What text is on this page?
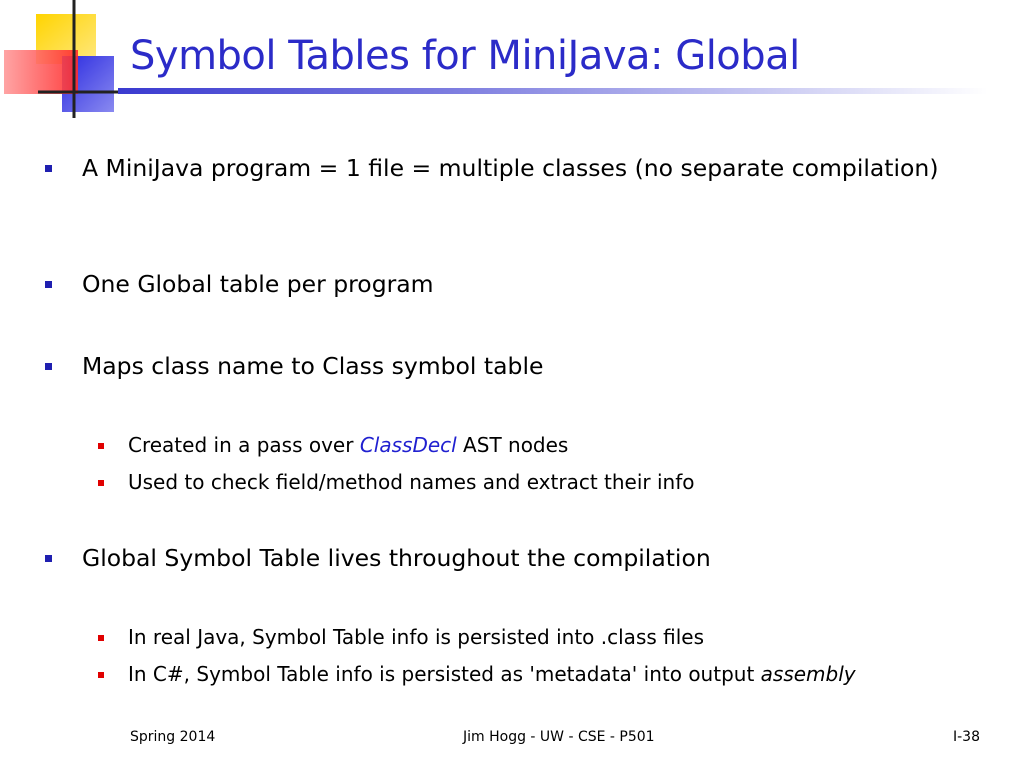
Symbol Tables for MiniJava: Global
A MiniJava program = 1 file = multiple classes (no separate compilation)
One Global table per program
Maps class name to Class symbol table
Created in a pass over ClassDecl AST nodes
Used to check field/method names and extract their info
Global Symbol Table lives throughout the compilation
In real Java, Symbol Table info is persisted into .class files
In C#, Symbol Table info is persisted as 'metadata' into output assembly
Spring 2014	Jim Hogg - UW - CSE - P501	I-38
